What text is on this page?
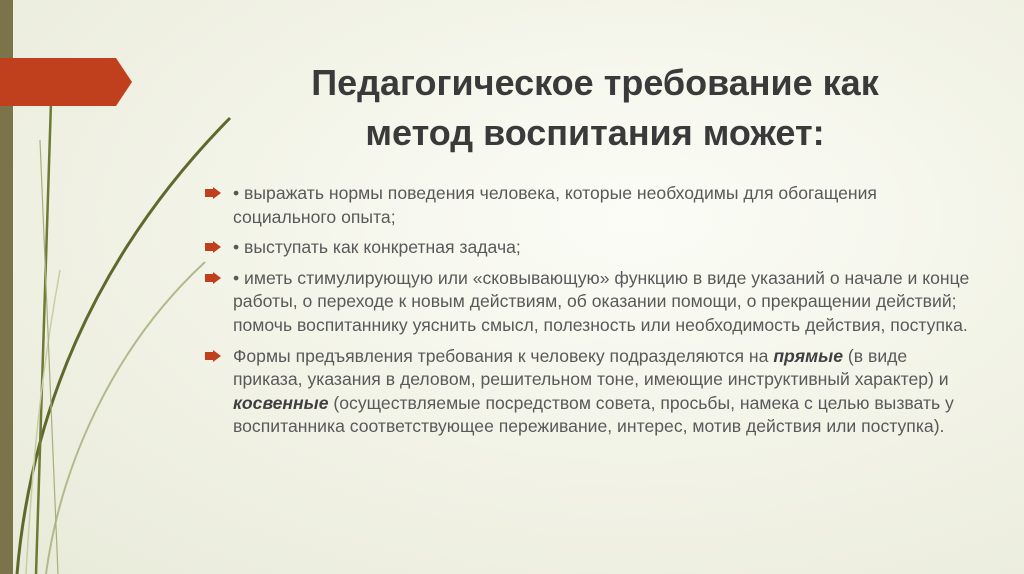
Педагогическое требование как
метод воспитания может:
• выражать нормы поведения человека, которые необходимы для обогащения социального опыта;
• выступать как конкретная задача;
• иметь стимулирующую или «сковывающую» функцию в виде указаний о начале и конце работы, о переходе к новым действиям, об оказании помощи, о прекращении действий; помочь воспитаннику уяснить смысл, полезность или необходимость действия, поступка.
Формы предъявления требования к человеку подразделяются на прямые (в виде приказа, указания в деловом, решительном тоне, имеющие инструктивный характер) и косвенные (осуществляемые посредством совета, просьбы, намека с целью вызвать у воспитанника соответствующее переживание, интерес, мотив действия или поступка).
